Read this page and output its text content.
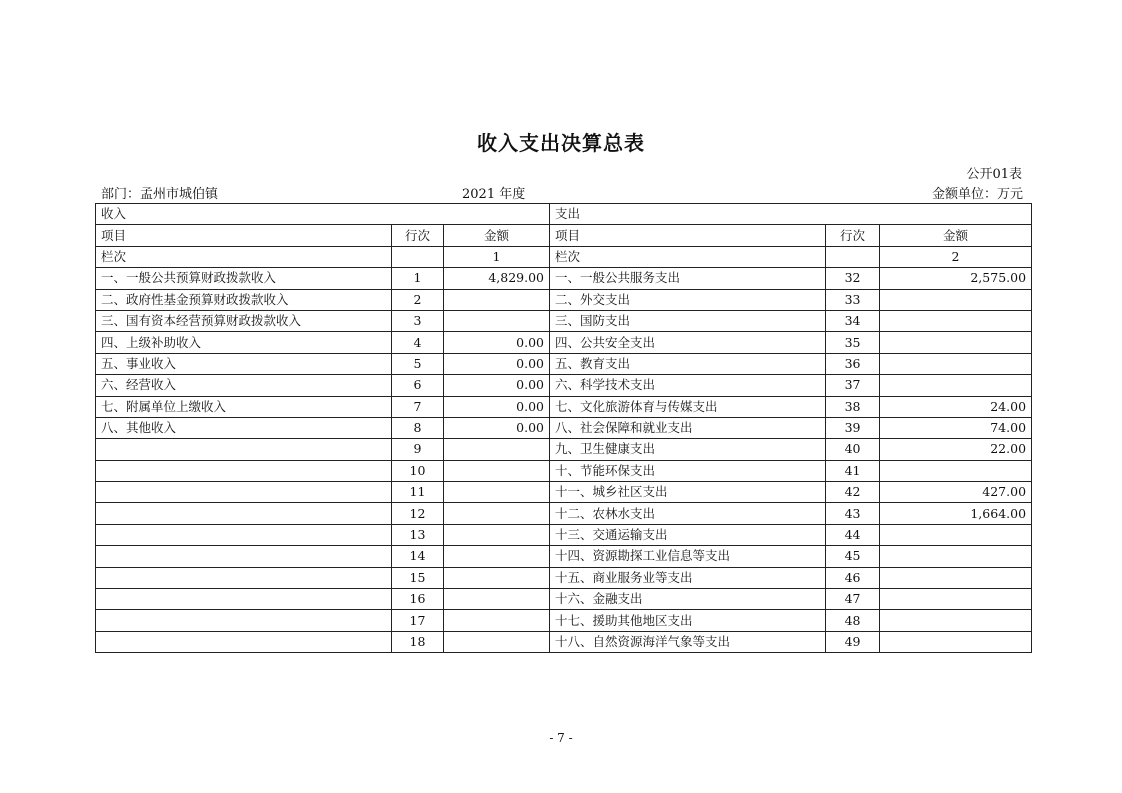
收入支出决算总表
公开01表
部门：孟州市城伯镇	2021 年度	金额单位：万元
收入			支出		
项目	行次	金额	项目	行次	金额
栏次		1	栏次		2
一、一般公共预算财政拨款收入	1	4,829.00	一、一般公共服务支出	32	2,575.00
二、政府性基金预算财政拨款收入	2		二、外交支出	33	
三、国有资本经营预算财政拨款收入	3		三、国防支出	34	
四、上级补助收入	4	0.00	四、公共安全支出	35	
五、事业收入	5	0.00	五、教育支出	36	
六、经营收入	6	0.00	六、科学技术支出	37	
七、附属单位上缴收入	7	0.00	七、文化旅游体育与传媒支出	38	24.00
八、其他收入	8	0.00	八、社会保障和就业支出	39	74.00
	9		九、卫生健康支出	40	22.00
	10		十、节能环保支出	41	
	11		十一、城乡社区支出	42	427.00
	12		十二、农林水支出	43	1,664.00
	13		十三、交通运输支出	44	
	14		十四、资源勘探工业信息等支出	45	
	15		十五、商业服务业等支出	46	
	16		十六、金融支出	47	
	17		十七、援助其他地区支出	48	
	18		十八、自然资源海洋气象等支出	49	
- 7 -
